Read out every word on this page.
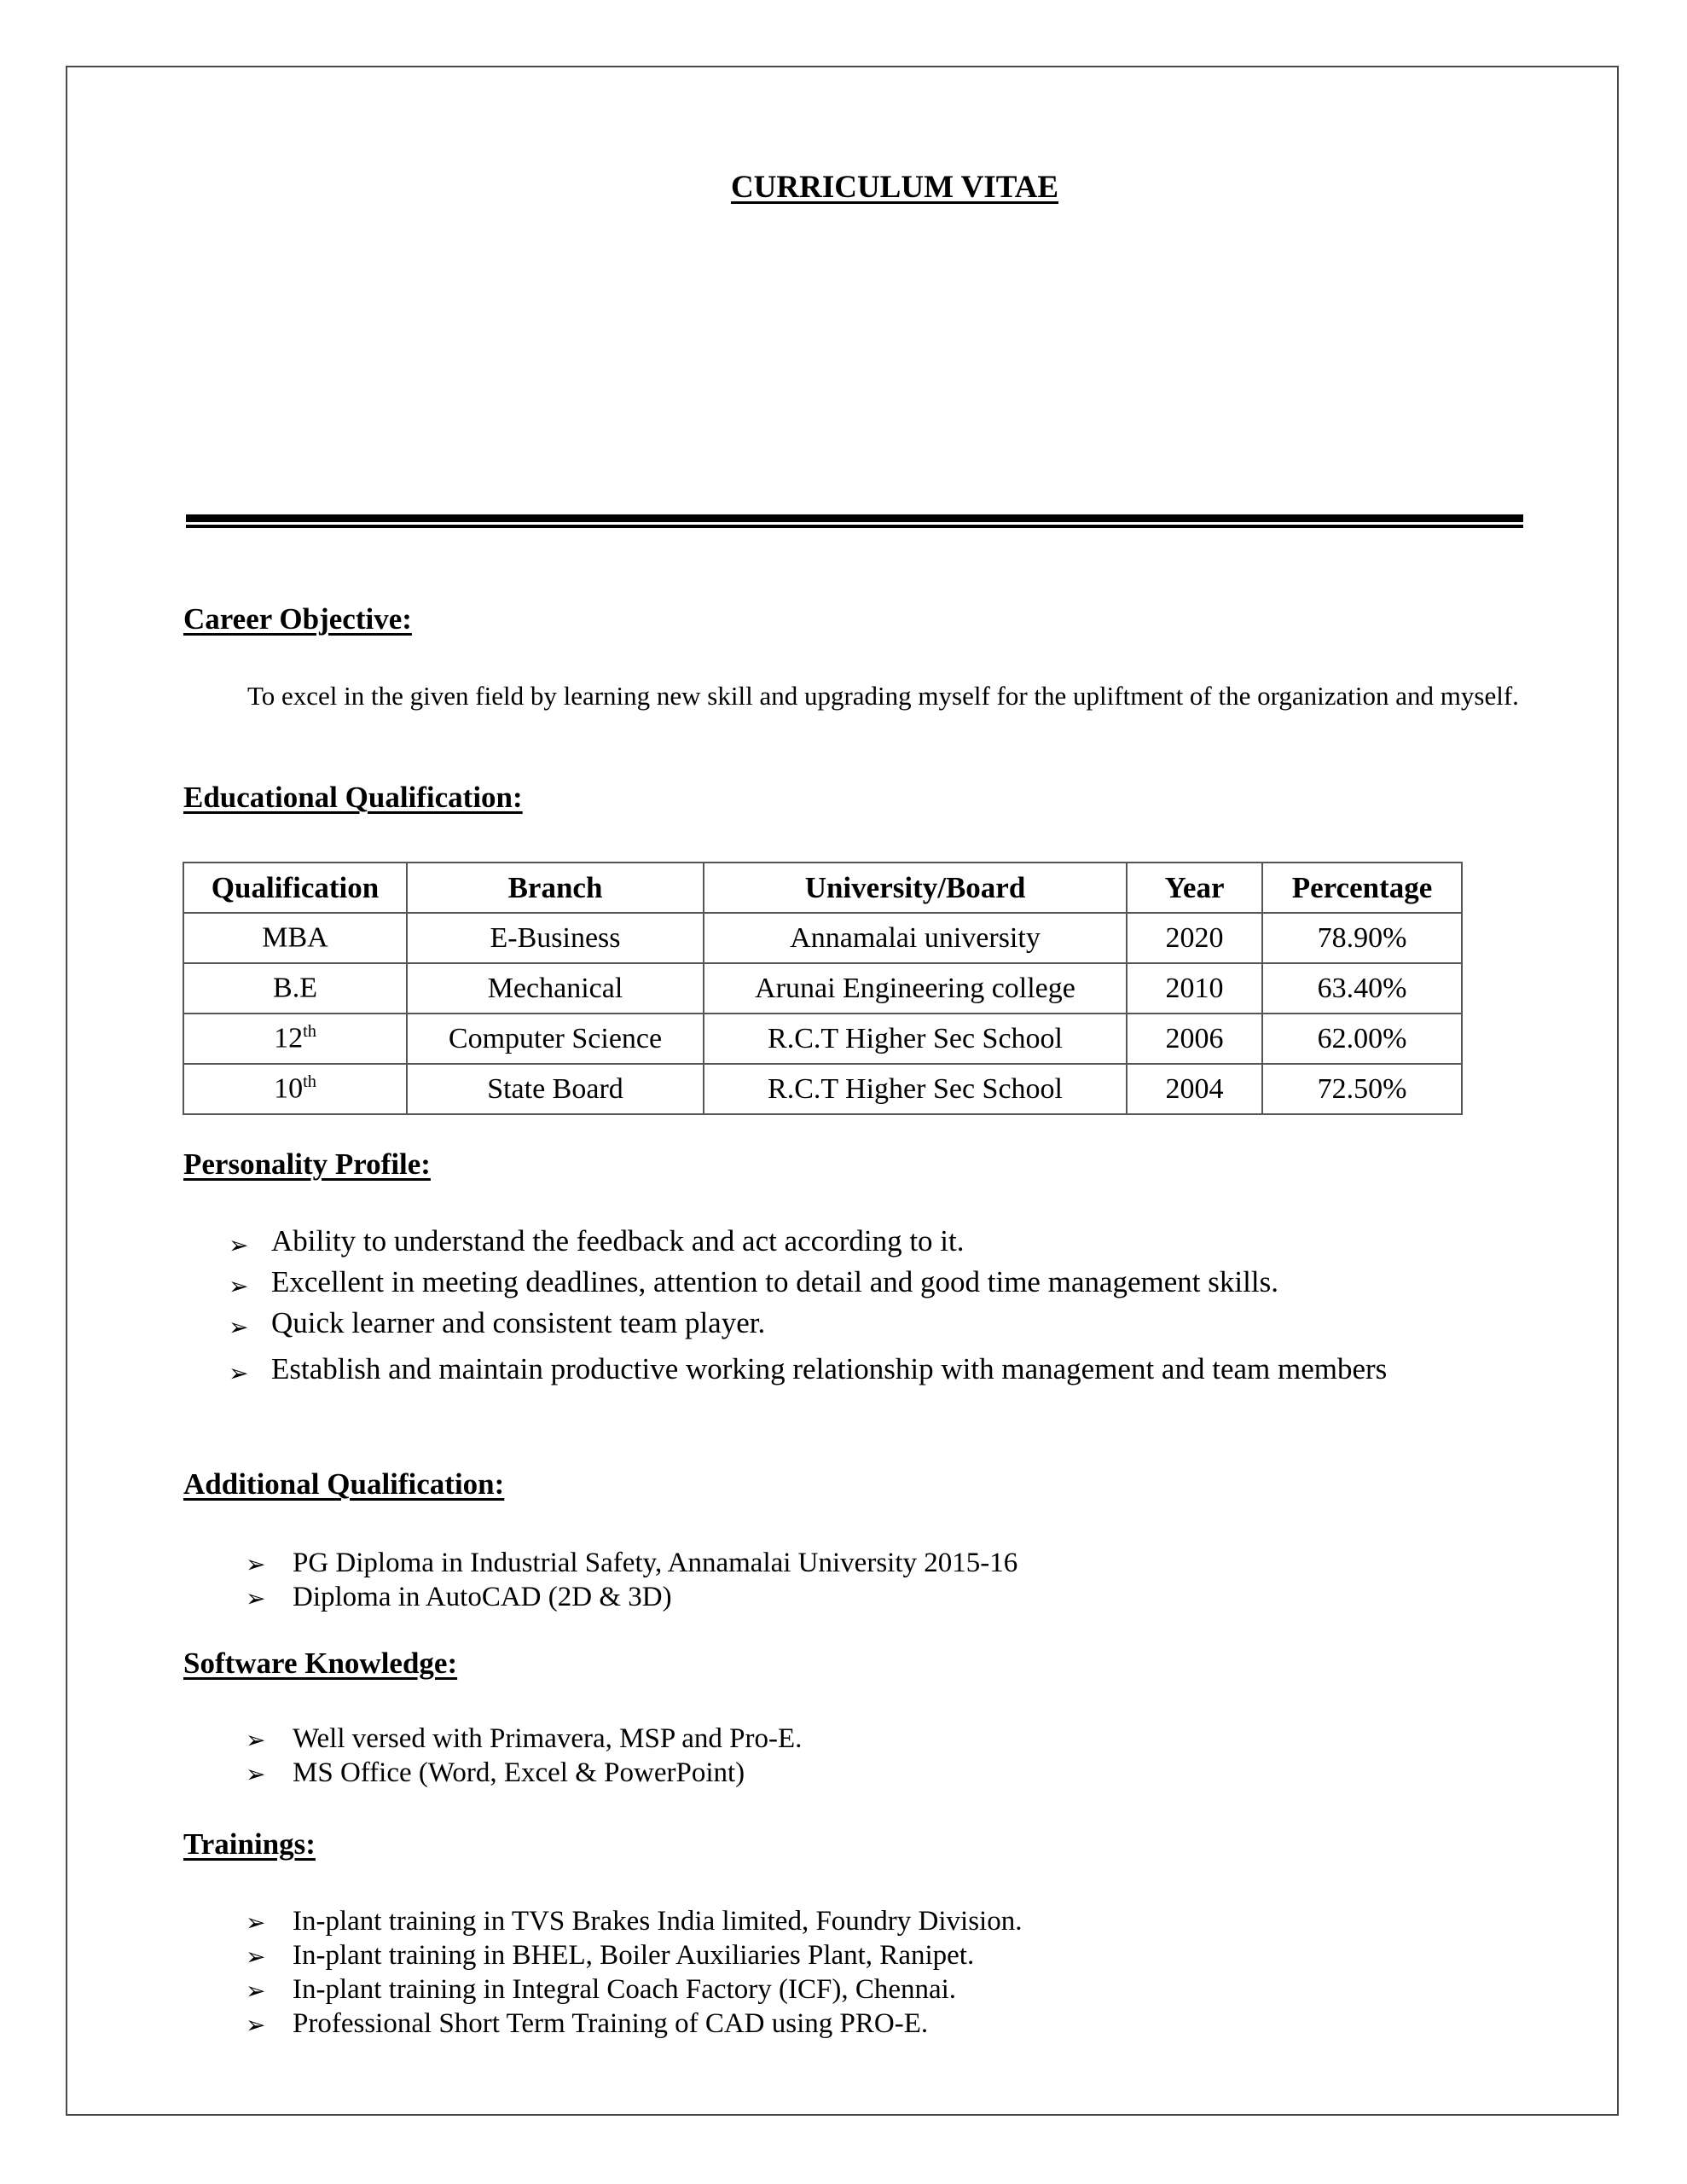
CURRICULUM VITAE
Career Objective:
To excel in the given field by learning new skill and upgrading myself for the upliftment of the organization and myself.
Educational Qualification:
Qualification	Branch	University/Board	Year	Percentage
MBA	E-Business	Annamalai university	2020	78.90%
B.E	Mechanical	Arunai Engineering college	2010	63.40%
12th	Computer Science	R.C.T Higher Sec School	2006	62.00%
10th	State Board	R.C.T Higher Sec School	2004	72.50%
Personality Profile:
➢ Ability to understand the feedback and act according to it.
➢ Excellent in meeting deadlines, attention to detail and good time management skills.
➢ Quick learner and consistent team player.
➢ Establish and maintain productive working relationship with management and team members
Additional Qualification:
➢ PG Diploma in Industrial Safety, Annamalai University 2015-16
➢ Diploma in AutoCAD (2D & 3D)
Software Knowledge:
➢ Well versed with Primavera, MSP and Pro-E.
➢ MS Office (Word, Excel & PowerPoint)
Trainings:
➢ In-plant training in TVS Brakes India limited, Foundry Division.
➢ In-plant training in BHEL, Boiler Auxiliaries Plant, Ranipet.
➢ In-plant training in Integral Coach Factory (ICF), Chennai.
➢ Professional Short Term Training of CAD using PRO-E.
